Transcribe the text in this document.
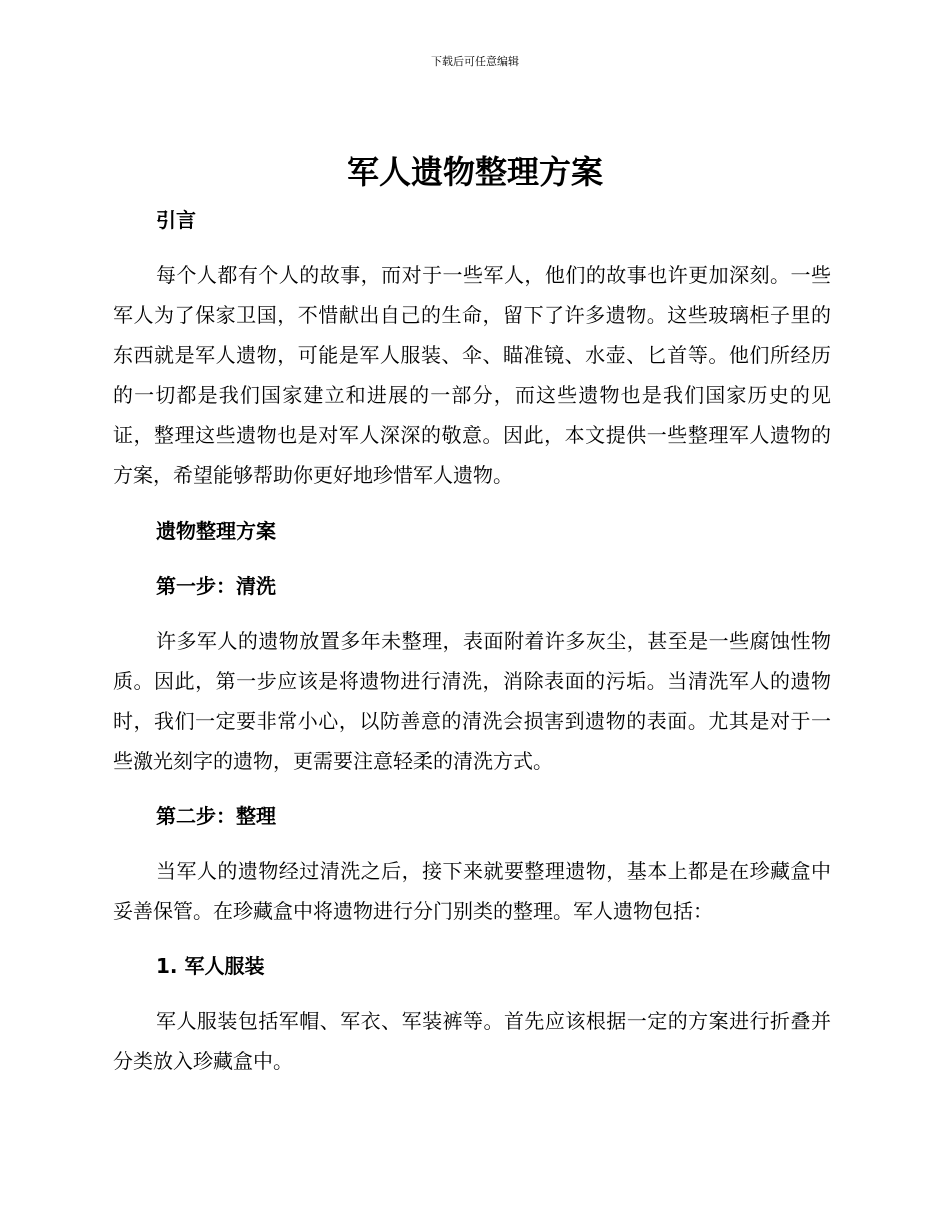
下载后可任意编辑
军人遗物整理方案

引言

每个人都有个人的故事，而对于一些军人，他们的故事也许更加深刻。一些军人为了保家卫国，不惜献出自己的生命，留下了许多遗物。这些玻璃柜子里的东西就是军人遗物，可能是军人服装、伞、瞄准镜、水壶、匕首等。他们所经历的一切都是我们国家建立和进展的一部分，而这些遗物也是我们国家历史的见证，整理这些遗物也是对军人深深的敬意。因此，本文提供一些整理军人遗物的方案，希望能够帮助你更好地珍惜军人遗物。

遗物整理方案

第一步：清洗

许多军人的遗物放置多年未整理，表面附着许多灰尘，甚至是一些腐蚀性物质。因此，第一步应该是将遗物进行清洗，消除表面的污垢。当清洗军人的遗物时，我们一定要非常小心，以防善意的清洗会损害到遗物的表面。尤其是对于一些激光刻字的遗物，更需要注意轻柔的清洗方式。

第二步：整理

当军人的遗物经过清洗之后，接下来就要整理遗物，基本上都是在珍藏盒中妥善保管。在珍藏盒中将遗物进行分门别类的整理。军人遗物包括：

1. 军人服装

军人服装包括军帽、军衣、军装裤等。首先应该根据一定的方案进行折叠并分类放入珍藏盒中。
